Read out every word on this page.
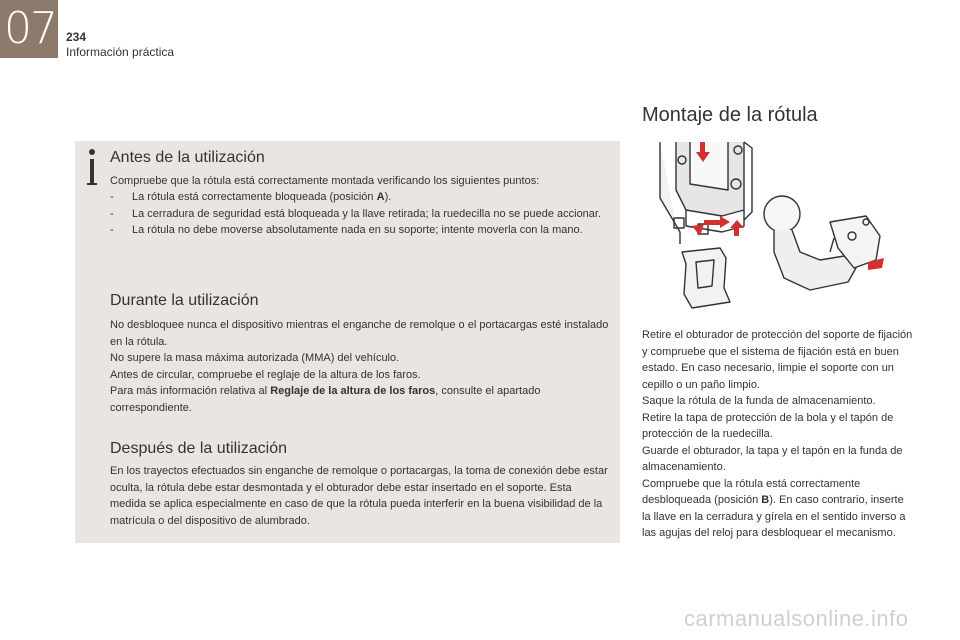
07 234
Información práctica
Antes de la utilización

Compruebe que la rótula está correctamente montada verificando los siguientes puntos:

- La rótula está correctamente bloqueada (posición A).
- La cerradura de seguridad está bloqueada y la llave retirada; la ruedecilla no se puede accionar.
- La rótula no debe moverse absolutamente nada en su soporte; intente moverla con la mano.
Durante la utilización

No desbloquee nunca el dispositivo mientras el enganche de remolque o el portacargas esté instalado en la rótula.
No supere la masa máxima autorizada (MMA) del vehículo.
Antes de circular, compruebe el reglaje de la altura de los faros.
Para más información relativa al Reglaje de la altura de los faros, consulte el apartado correspondiente.

Después de la utilización

En los trayectos efectuados sin enganche de remolque o portacargas, la toma de conexión debe estar oculta, la rótula debe estar desmontada y el obturador debe estar insertado en el soporte. Esta medida se aplica especialmente en caso de que la rótula pueda interferir en la buena visibilidad de la matrícula o del dispositivo de alumbrado.

Montaje de la rótula

Retire el obturador de protección del soporte de fijación y compruebe que el sistema de fijación está en buen estado. En caso necesario, limpie el soporte con un cepillo o un paño limpio.
Saque la rótula de la funda de almacenamiento.
Retire la tapa de protección de la bola y el tapón de protección de la ruedecilla.
Guarde el obturador, la tapa y el tapón en la funda de almacenamiento.
Compruebe que la rótula está correctamente desbloqueada (posición B). En caso contrario, inserte la llave en la cerradura y gírela en el sentido inverso a las agujas del reloj para desbloquear el mecanismo.

carmanualsonline.info
